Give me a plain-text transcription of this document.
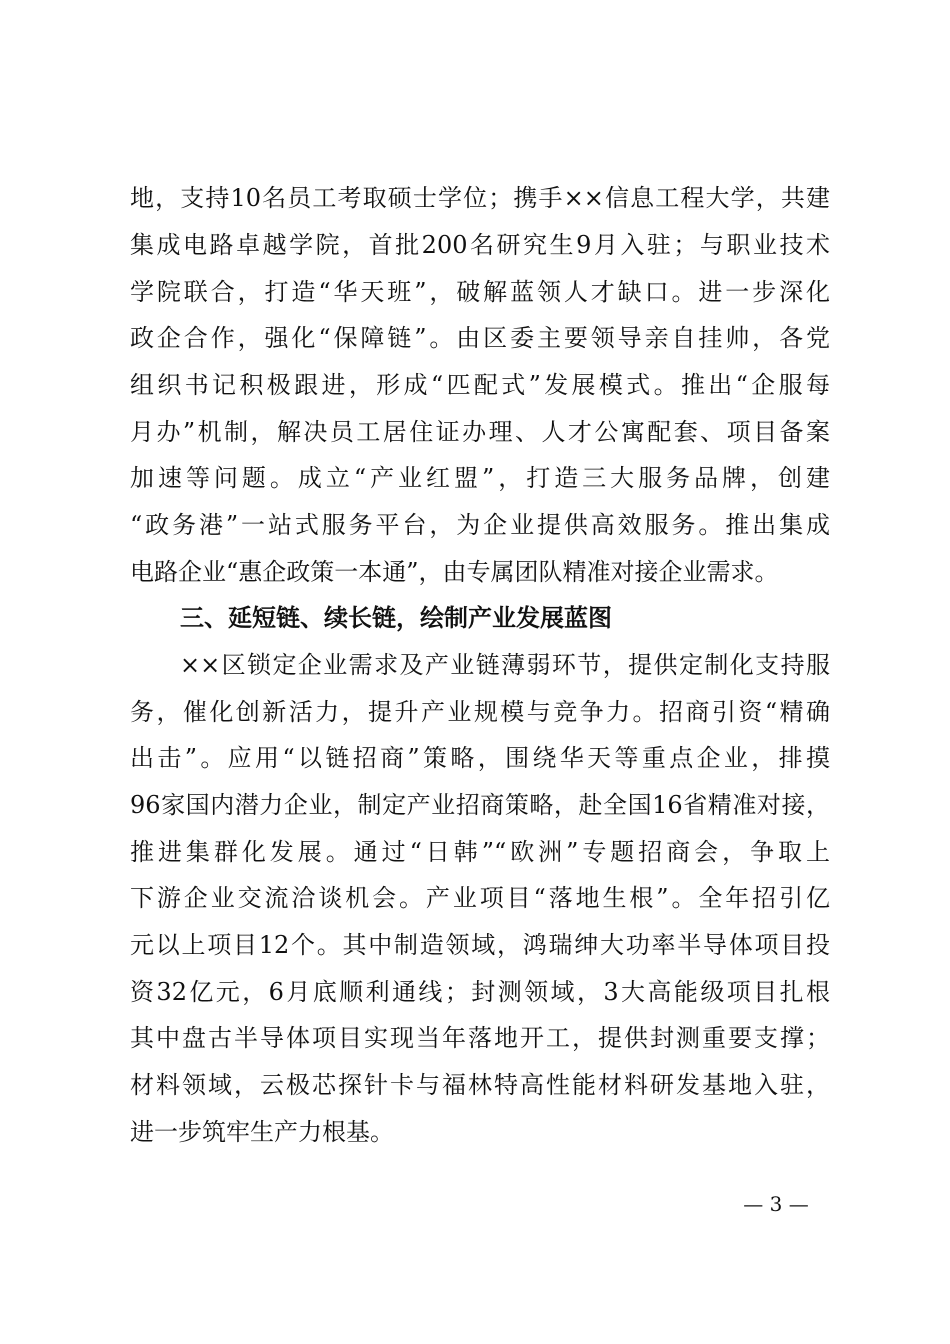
地，支持10名员工考取硕士学位；携手××信息工程大学，共建
集成电路卓越学院，首批200名研究生9月入驻；与职业技术
学院联合，打造“华天班”，破解蓝领人才缺口。进一步深化
政企合作，强化“保障链”。由区委主要领导亲自挂帅，各党
组织书记积极跟进，形成“匹配式”发展模式。推出“企服每
月办”机制，解决员工居住证办理、人才公寓配套、项目备案
加速等问题。成立“产业红盟”，打造三大服务品牌，创建
“政务港”一站式服务平台，为企业提供高效服务。推出集成
电路企业“惠企政策一本通”，由专属团队精准对接企业需求。
三、延短链、续长链，绘制产业发展蓝图
××区锁定企业需求及产业链薄弱环节，提供定制化支持服
务，催化创新活力，提升产业规模与竞争力。招商引资“精确
出击”。应用“以链招商”策略，围绕华天等重点企业，排摸
96家国内潜力企业，制定产业招商策略，赴全国16省精准对接，
推进集群化发展。通过“日韩”“欧洲”专题招商会，争取上
下游企业交流洽谈机会。产业项目“落地生根”。全年招引亿
元以上项目12个。其中制造领域，鸿瑞绅大功率半导体项目投
资32亿元，6月底顺利通线；封测领域，3大高能级项目扎根
其中盘古半导体项目实现当年落地开工，提供封测重要支撑；
材料领域，云极芯探针卡与福林特高性能材料研发基地入驻，
进一步筑牢生产力根基。
— 3 —
